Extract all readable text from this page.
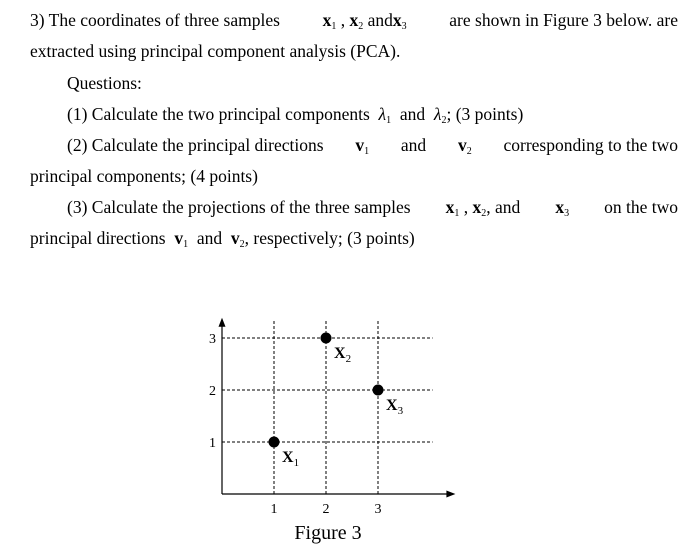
3) The coordinates of three samples $x_1$ , $x_2$ andx$_3$ are shown in Figure 3 below. are
extracted using principal component analysis (PCA).
Questions:
(1) Calculate the two principal components $\lambda_1$ and $\lambda_2$; (3 points)
(2) Calculate the principal directions $v_1$ and $v_2$ corresponding to the two
principal components; (4 points)
(3) Calculate the projections of the three samples $x_1$ , $x_2$, and $x_3$ on the two
principal directions $v_1$ and $v_2$, respectively; (3 points)
1	2	3
1
2
3
$X_1$
$X_2$
$X_3$
Figure 3
